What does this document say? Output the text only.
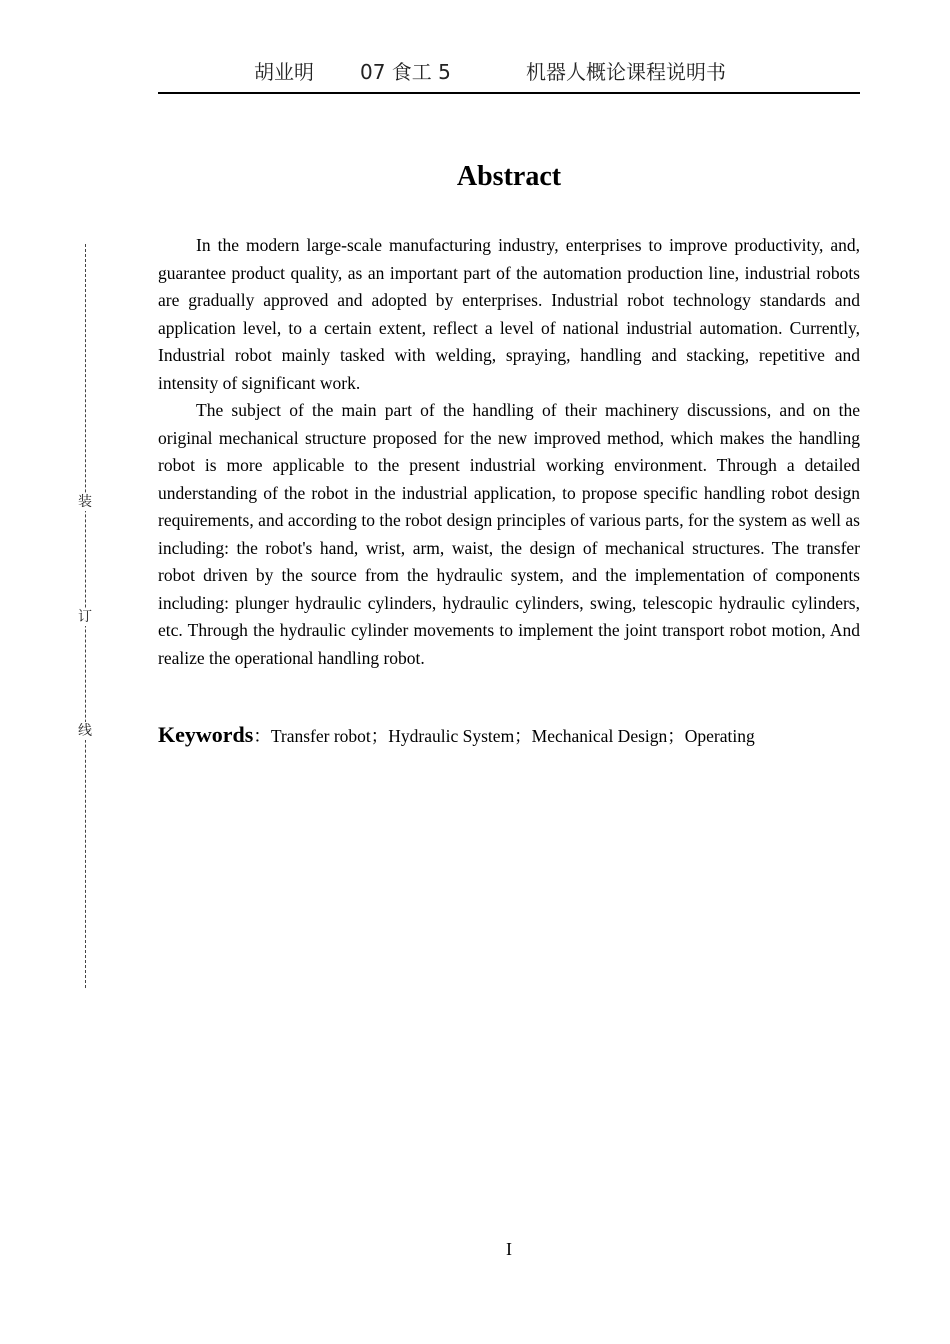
胡业明 07 食工 5	机器人概论课程说明书
装
订
线
Abstract

In the modern large-scale manufacturing industry, enterprises to improve productivity, and, guarantee product quality, as an important part of the automation production line, industrial robots are gradually approved and adopted by enterprises. Industrial robot technology standards and application level, to a certain extent, reflect a level of national industrial automation. Currently, Industrial robot mainly tasked with welding, spraying, handling and stacking, repetitive and intensity of significant work.

The subject of the main part of the handling of their machinery discussions, and on the original mechanical structure proposed for the new improved method, which makes the handling robot is more applicable to the present industrial working environment. Through a detailed understanding of the robot in the industrial application, to propose specific handling robot design requirements, and according to the robot design principles of various parts, for the system as well as including: the robot's hand, wrist, arm, waist, the design of mechanical structures. The transfer robot driven by the source from the hydraulic system, and the implementation of components including: plunger hydraulic cylinders, hydraulic cylinders, swing, telescopic hydraulic cylinders, etc. Through the hydraulic cylinder movements to implement the joint transport robot motion, And realize the operational handling robot.

Keywords：Transfer robot；Hydraulic System；Mechanical Design；Operating
I
